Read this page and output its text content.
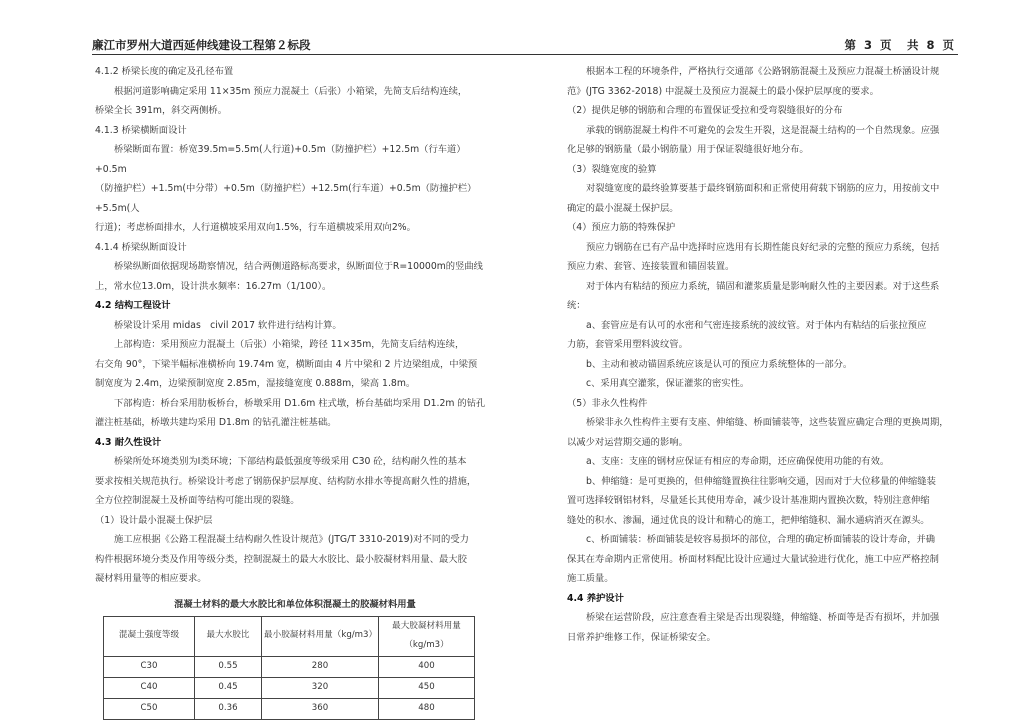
廉江市罗州大道西延伸线建设工程第２标段	第 3 页　共 8 页

4.1.2 桥梁长度的确定及孔径布置

根据河道影响确定采用 11×35m 预应力混凝土（后张）小箱梁，先简支后结构连续，

桥梁全长 391m，斜交两侧桥。

4.1.3 桥梁横断面设计

桥梁断面布置：桥宽39.5m=5.5m(人行道)+0.5m（防撞护栏）+12.5m（行车道）+0.5m

（防撞护栏）+1.5m(中分带）+0.5m（防撞护栏）+12.5m(行车道）+0.5m（防撞护栏）+5.5m(人

行道)；考虑桥面排水，人行道横坡采用双向1.5%，行车道横坡采用双向2%。

4.1.4 桥梁纵断面设计

桥梁纵断面依据现场勘察情况，结合两侧道路标高要求，纵断面位于R=10000m的竖曲线

上，常水位13.0m，设计洪水频率：16.27m（1/100）。

4.2 结构工程设计

桥梁设计采用 midas　civil 2017 软件进行结构计算。

上部构造：采用预应力混凝土（后张）小箱梁，跨径 11×35m，先简支后结构连续，

右交角 90°，下梁半幅标准横桥向 19.74m 宽，横断面由 4 片中梁和 2 片边梁组成，中梁预

制宽度为 2.4m，边梁预制宽度 2.85m，湿接缝宽度 0.888m，梁高 1.8m。

下部构造：桥台采用肋板桥台，桥墩采用 D1.6m 柱式墩，桥台基础均采用 D1.2m 的钻孔

灌注桩基础，桥墩共建均采用 D1.8m 的钻孔灌注桩基础。

4.3 耐久性设计

桥梁所处环境类别为Ⅰ类环境；下部结构最低强度等级采用 C30 砼，结构耐久性的基本

要求按相关规范执行。桥梁设计考虑了钢筋保护层厚度、结构防水排水等提高耐久性的措施，

全方位控制混凝土及桥面等结构可能出现的裂缝。

（1）设计最小混凝土保护层

施工应根据《公路工程混凝土结构耐久性设计规范》(JTG/T 3310-2019)对不同的受力

构件根据环境分类及作用等级分类，控制混凝土的最大水胶比、最小胶凝材料用量、最大胶

凝材料用量等的相应要求。

混凝土材料的最大水胶比和单位体积混凝土的胶凝材料用量
混凝土强度等级	最大水胶比	最小胶凝材料用量（kg/m3）	最大胶凝材料用量（kg/m3）
C30	0.55	280	400
C40	0.45	320	450
C50	0.36	360	480

根据本工程的环境条件，严格执行交通部《公路钢筋混凝土及预应力混凝土桥涵设计规

范》(JTG 3362-2018) 中混凝土及预应力混凝土的最小保护层厚度的要求。

（2）提供足够的钢筋和合理的布置保证受拉和受弯裂缝很好的分布

承载的钢筋混凝土构件不可避免的会发生开裂，这是混凝土结构的一个自然现象。应强

化足够的钢筋量（最小钢筋量）用于保证裂缝很好地分布。

（3）裂缝宽度的验算

对裂缝宽度的最终验算要基于最终钢筋面积和正常使用荷载下钢筋的应力，用按前文中

确定的最小混凝土保护层。

（4）预应力筋的特殊保护

预应力钢筋在已有产品中选择时应选用有长期性能良好纪录的完整的预应力系统，包括

预应力索、套管、连接装置和锚固装置。

对于体内有粘结的预应力系统，锚固和灌浆质量是影响耐久性的主要因素。对于这些系

统：

a、套管应是有认可的水密和气密连接系统的波纹管。对于体内有粘结的后张拉预应

力筋，套管采用塑料波纹管。

b、主动和被动锚固系统应该是认可的预应力系统整体的一部分。

c、采用真空灌浆，保证灌浆的密实性。

（5）非永久性构件

桥梁非永久性构件主要有支座、伸缩缝、桥面铺装等，这些装置应确定合理的更换周期，

以减少对运营期交通的影响。

a、支座：支座的钢材应保证有相应的寿命期，还应确保使用功能的有效。

b、伸缩缝：是可更换的，但伸缩缝置换往往影响交通，因而对于大位移量的伸缩缝装

置可选择较钢铝材料，尽量延长其使用寿命，减少设计基准期内置换次数，特别注意伸缩

缝处的积水、渗漏，通过优良的设计和精心的施工，把伸缩缝积、漏水通病消灭在源头。

c、桥面铺装：桥面铺装是较容易损坏的部位，合理的确定桥面铺装的设计寿命，并确

保其在寿命期内正常使用。桥面材料配比设计应通过大量试验进行优化，施工中应严格控制

施工质量。

4.4 养护设计

桥梁在运营阶段，应注意查看主梁是否出现裂缝，伸缩缝、桥面等是否有损坏，并加强

日常养护维修工作，保证桥梁安全。
